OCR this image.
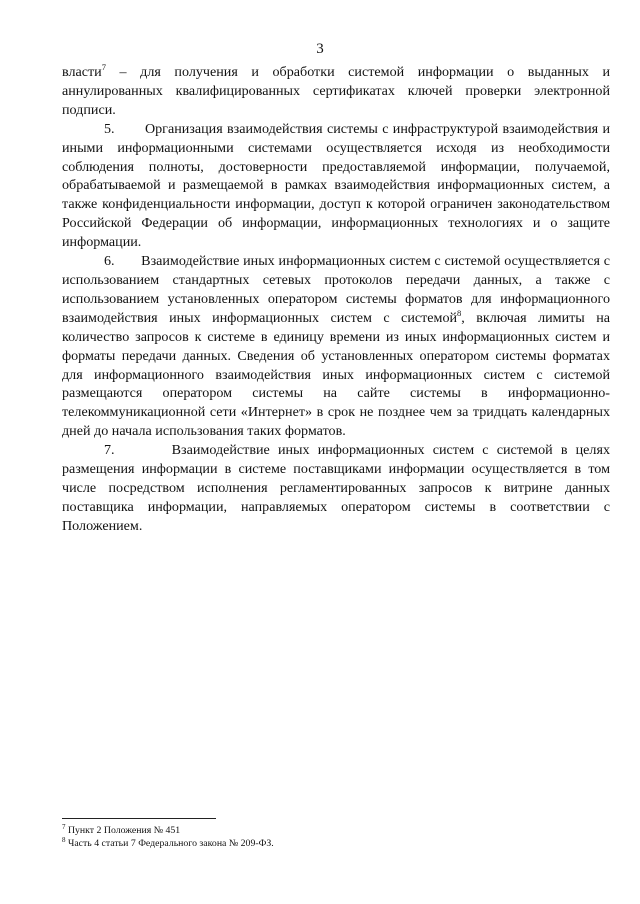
3

власти$^7$ – для получения и обработки системой информации о выданных и аннулированных квалифицированных сертификатах ключей проверки электронной подписи.

5.       Организация взаимодействия системы с инфраструктурой взаимодействия и иными информационными системами осуществляется исходя из необходимости соблюдения полноты, достоверности предоставляемой информации, получаемой, обрабатываемой и размещаемой в рамках взаимодействия информационных систем, а также конфиденциальности информации, доступ к которой ограничен законодательством Российской Федерации об информации, информационных технологиях и о защите информации.

6.       Взаимодействие иных информационных систем с системой осуществляется с использованием стандартных сетевых протоколов передачи данных, а также с использованием установленных оператором системы форматов для информационного взаимодействия иных информационных систем с системой$^8$, включая лимиты на количество запросов к системе в единицу времени из иных информационных систем и форматы передачи данных. Сведения об установленных оператором системы форматах для информационного взаимодействия иных информационных систем с системой размещаются оператором системы на сайте системы в информационно-телекоммуникационной сети «Интернет» в срок не позднее чем за тридцать календарных дней до начала использования таких форматов.

7.       Взаимодействие иных информационных систем с системой в целях размещения информации в системе поставщиками информации осуществляется в том числе посредством исполнения регламентированных запросов к витрине данных поставщика информации, направляемых оператором системы в соответствии с Положением.

$^7$ Пункт 2 Положения № 451

$^8$ Часть 4 статьи 7 Федерального закона № 209-ФЗ.
